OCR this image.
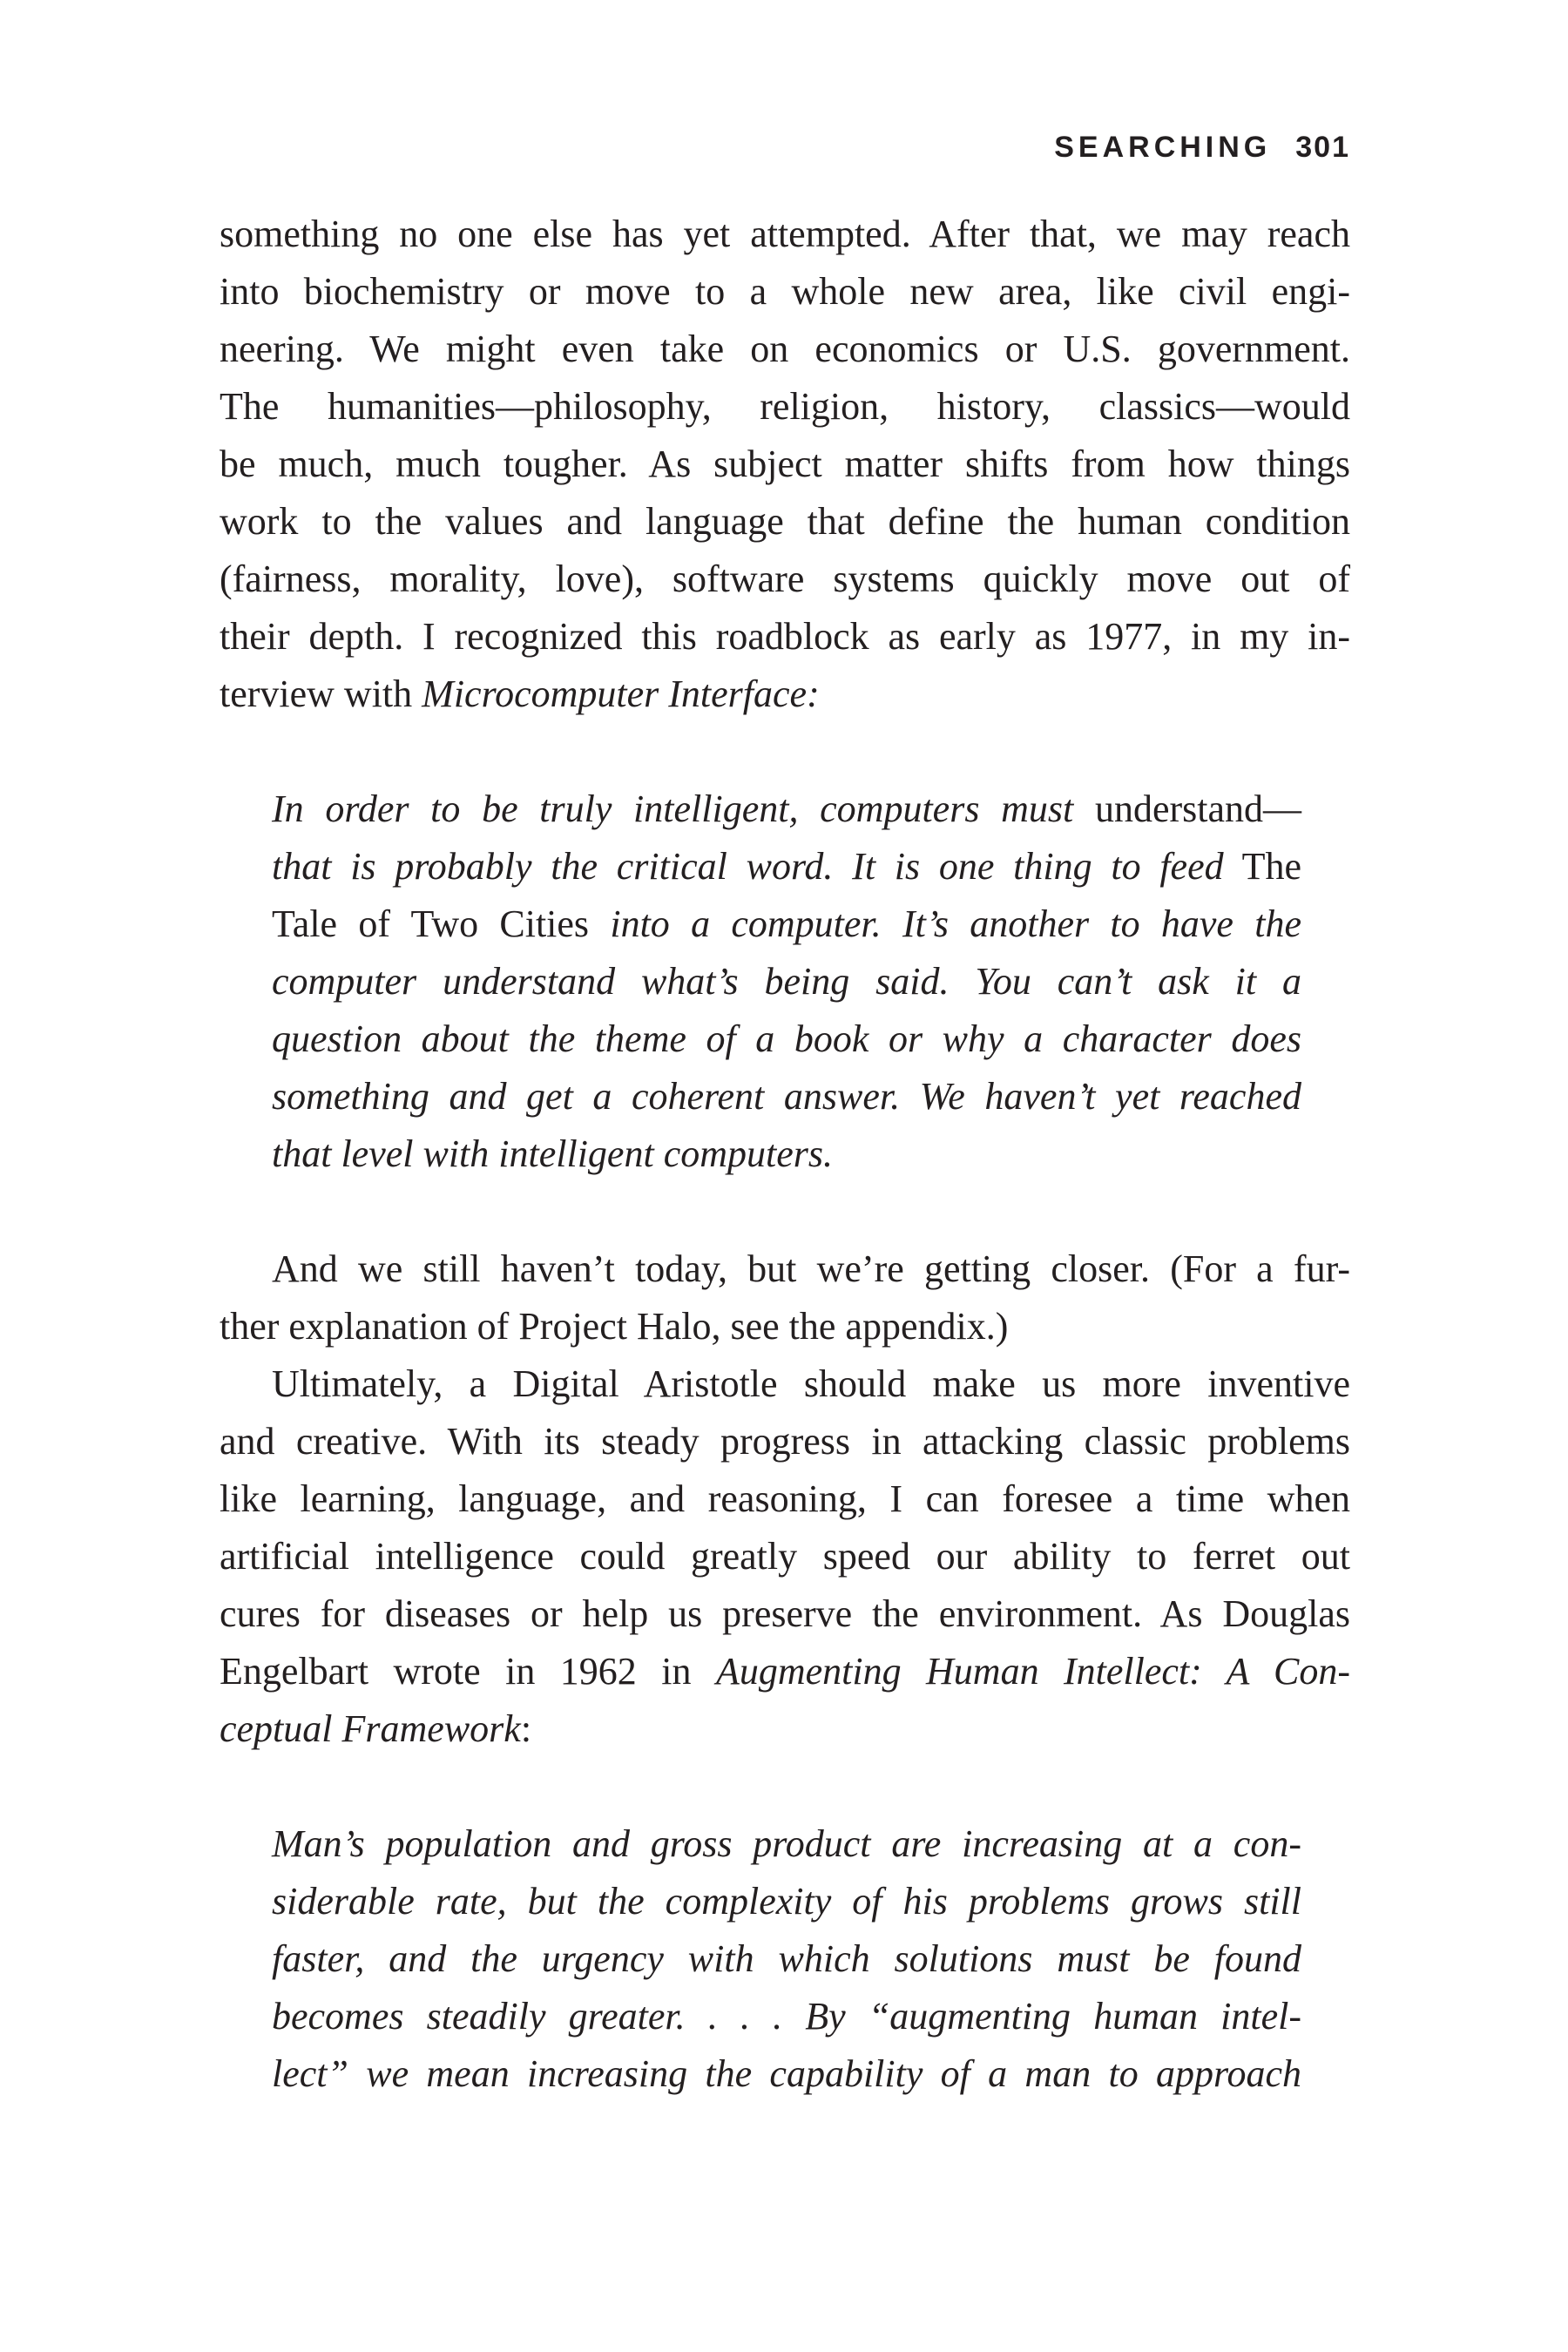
SEARCHING 301
something no one else has yet attempted. After that, we may reach
into biochemistry or move to a whole new area, like civil engi-
neering. We might even take on economics or U.S. government.
The humanities—philosophy, religion, history, classics—would
be much, much tougher. As subject matter shifts from how things
work to the values and language that define the human condition
(fairness, morality, love), software systems quickly move out of
their depth. I recognized this roadblock as early as 1977, in my in-
terview with Microcomputer Interface:
In order to be truly intelligent, computers must understand—
that is probably the critical word. It is one thing to feed The
Tale of Two Cities into a computer. It’s another to have the
computer understand what’s being said. You can’t ask it a
question about the theme of a book or why a character does
something and get a coherent answer. We haven’t yet reached
that level with intelligent computers.
And we still haven’t today, but we’re getting closer. (For a fur-
ther explanation of Project Halo, see the appendix.)
Ultimately, a Digital Aristotle should make us more inventive
and creative. With its steady progress in attacking classic problems
like learning, language, and reasoning, I can foresee a time when
artificial intelligence could greatly speed our ability to ferret out
cures for diseases or help us preserve the environment. As Douglas
Engelbart wrote in 1962 in Augmenting Human Intellect: A Con-
ceptual Framework:
Man’s population and gross product are increasing at a con-
siderable rate, but the complexity of his problems grows still
faster, and the urgency with which solutions must be found
becomes steadily greater. . . . By “augmenting human intel-
lect” we mean increasing the capability of a man to approach
